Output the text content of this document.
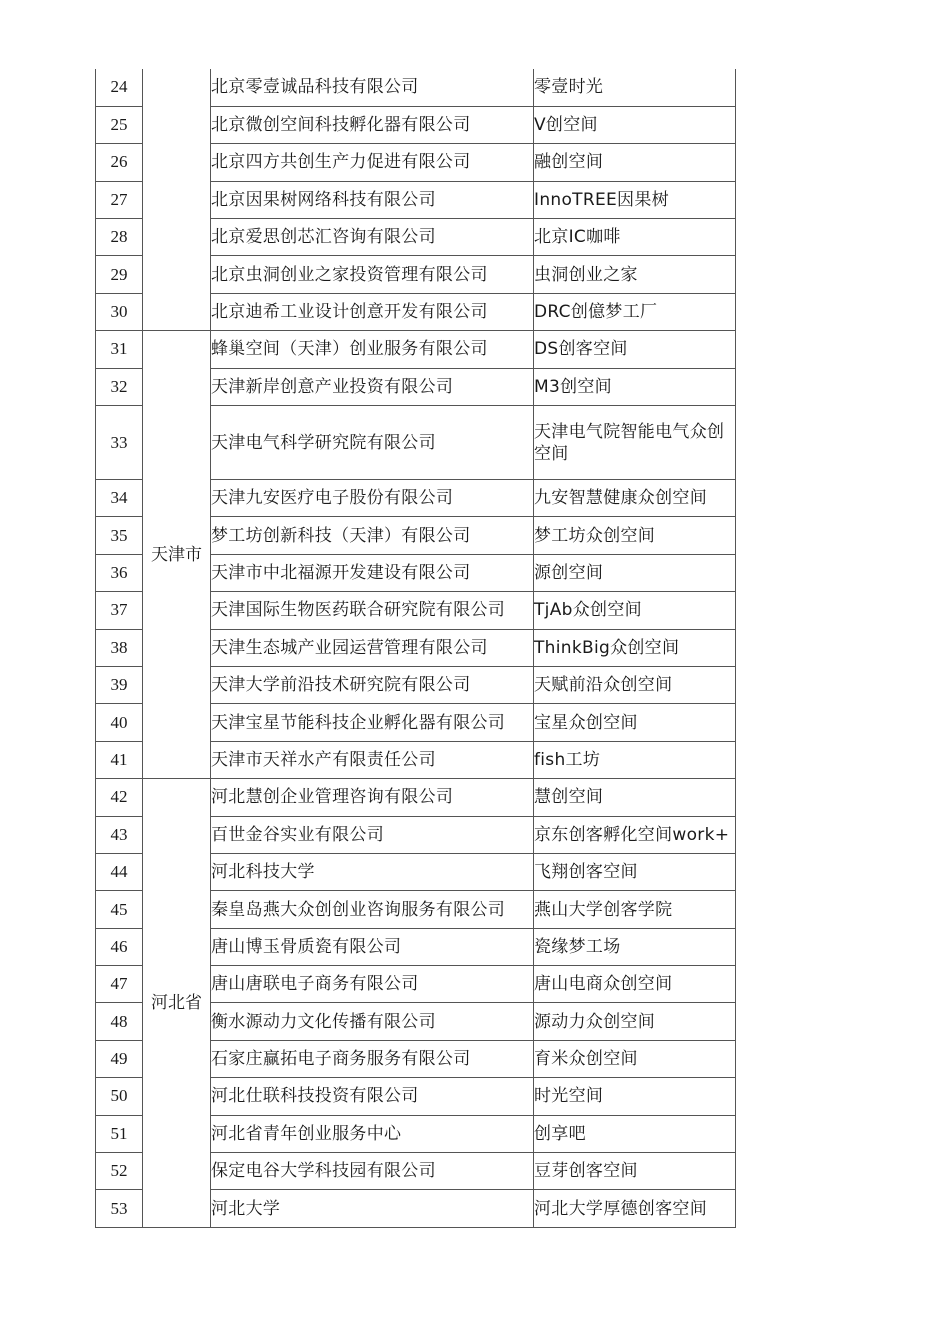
24		北京零壹诚品科技有限公司	零壹时光
25		北京微创空间科技孵化器有限公司	V创空间
26		北京四方共创生产力促进有限公司	融创空间
27		北京因果树网络科技有限公司	InnoTREE因果树
28		北京爱思创芯汇咨询有限公司	北京IC咖啡
29		北京虫洞创业之家投资管理有限公司	虫洞创业之家
30		北京迪希工业设计创意开发有限公司	DRC创億梦工厂
31	天津市	蜂巢空间（天津）创业服务有限公司	DS创客空间
32		天津新岸创意产业投资有限公司	M3创空间
33		天津电气科学研究院有限公司	天津电气院智能电气众创空间
34		天津九安医疗电子股份有限公司	九安智慧健康众创空间
35		梦工坊创新科技（天津）有限公司	梦工坊众创空间
36		天津市中北福源开发建设有限公司	源创空间
37		天津国际生物医药联合研究院有限公司	TjAb众创空间
38		天津生态城产业园运营管理有限公司	ThinkBig众创空间
39		天津大学前沿技术研究院有限公司	天赋前沿众创空间
40		天津宝星节能科技企业孵化器有限公司	宝星众创空间
41		天津市天祥水产有限责任公司	fish工坊
42	河北省	河北慧创企业管理咨询有限公司	慧创空间
43		百世金谷实业有限公司	京东创客孵化空间work+
44		河北科技大学	飞翔创客空间
45		秦皇岛燕大众创创业咨询服务有限公司	燕山大学创客学院
46		唐山博玉骨质瓷有限公司	瓷缘梦工场
47		唐山唐联电子商务有限公司	唐山电商众创空间
48		衡水源动力文化传播有限公司	源动力众创空间
49		石家庄赢拓电子商务服务有限公司	育米众创空间
50		河北仕联科技投资有限公司	时光空间
51		河北省青年创业服务中心	创享吧
52		保定电谷大学科技园有限公司	豆芽创客空间
53		河北大学	河北大学厚德创客空间
